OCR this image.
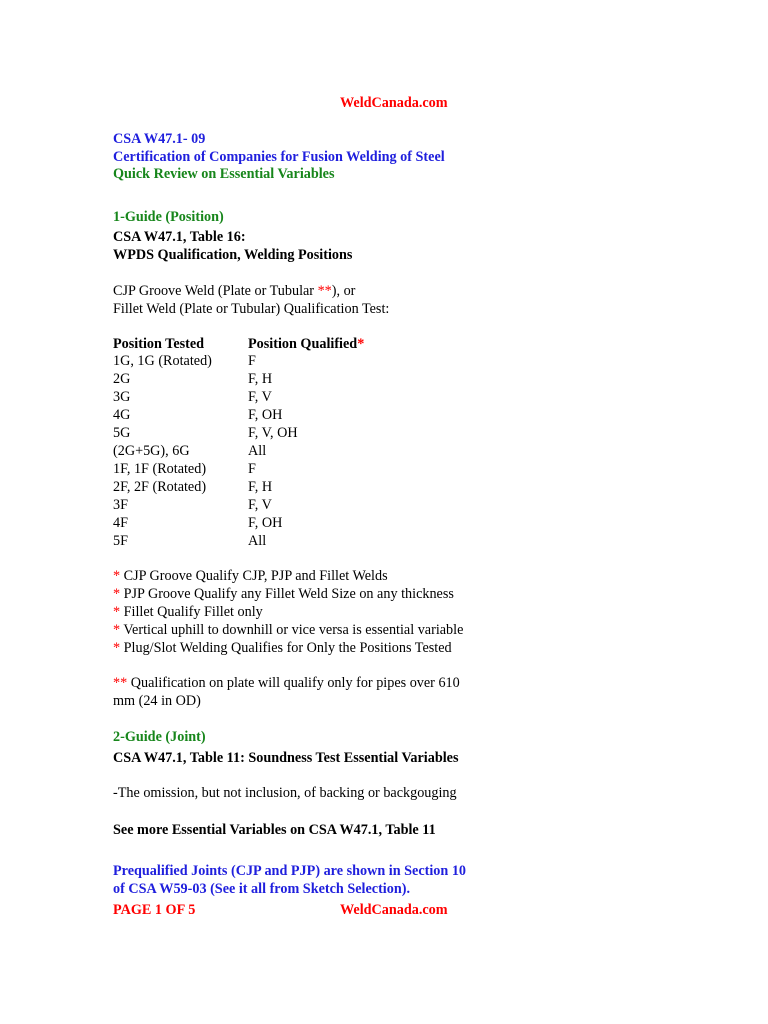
WeldCanada.com
CSA W47.1- 09
Certification of Companies for Fusion Welding of Steel
Quick Review on Essential Variables
1-Guide (Position)
CSA W47.1, Table 16:
WPDS Qualification, Welding Positions
CJP Groove Weld (Plate or Tubular **), or
Fillet Weld (Plate or Tubular) Qualification Test:
Position Tested	Position Qualified*
1G, 1G (Rotated)	F
2G	F, H
3G	F, V
4G	F, OH
5G	F, V, OH
(2G+5G), 6G	All
1F, 1F (Rotated)	F
2F, 2F (Rotated)	F, H
3F	F, V
4F	F, OH
5F	All
* CJP Groove Qualify CJP, PJP and Fillet Welds
* PJP Groove Qualify any Fillet Weld Size on any thickness
* Fillet Qualify Fillet only
* Vertical uphill to downhill or vice versa is essential variable
* Plug/Slot Welding Qualifies for Only the Positions Tested
** Qualification on plate will qualify only for pipes over 610
mm (24 in OD)
2-Guide (Joint)
CSA W47.1, Table 11: Soundness Test Essential Variables
-The omission, but not inclusion, of backing or backgouging
See more Essential Variables on CSA W47.1, Table 11
Prequalified Joints (CJP and PJP) are shown in Section 10
of CSA W59-03 (See it all from Sketch Selection).
PAGE 1 OF 5	WeldCanada.com
